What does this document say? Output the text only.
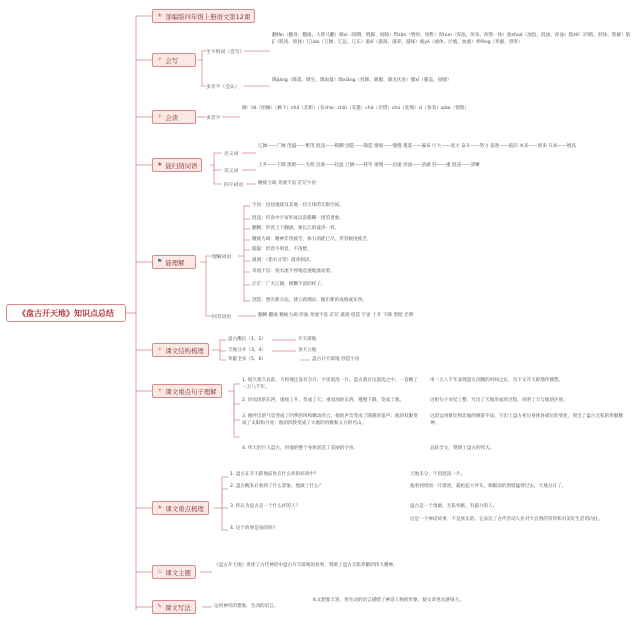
《盘古开天地》知识点总结
★ 部编版四年级上册语文第12课
☀ 会写
☀ 会读
★ 能归纳词语
⚑ 能理解
☀ 课文结构梳理
☀ 课文重点句子理解
★ 课文重点梳理
♨ 课文主题
✎ 课文写法
生字组词（会写）
翻fān（翻身、翻滚、人仰马翻）隙xì（隙缝、缝隙、间隙）暂zàn（暂时、短暂）浑hún（浑浊、浑身、浑然一体）浊zhuó（浊浪、混浊、浑浊）肢zhī（四肢、肢体、肢解）肌jī（肌肉、肌体）辽liáo（辽阔、辽远、辽东）滋zī（滋润、滋养、滋味）液yè（液体、汁液、血液）奉fèng（奉献、供奉）
多音字（会认）
降jiàng（降落、降生、降雨量）降xiáng（投降、降服、降龙伏虎）膝xī（膝盖、屈膝）
多音字
俩：liǎ（咱俩）（俩下）chā（差距）（差chà）chāi（差遣）chā（差错）chǔ（处理）cī（参差）qiǎo（悄然）
近义词
辽阔——广阔 茂盛——繁茂 混沌——模糊 创造——制造 缓缓——慢慢 蔓延——遍布 巨大——庞大 奋斗——努力 依然——依旧 本来——原来 升高——增高
反义词
上升——下降 黑暗——光明 沉重——轻盈 辽阔——狭窄 缓慢——迅速 浑浊——清澈 轻——重 混沌——清晰
四字词语	精疲力竭 奔流不息 茫茫宇宙
理解词语
宇宙：包括地球及其他一切天体的无限空间。
混沌：传说中宇宙形成以前模糊一团的景象。
翻腾：形容上下翻滚，象长江的波涛一样。
精疲力竭：精神非常疲劳，体力消耗已尽，形容极度疲乏。
隐隐：形容不明显，不清楚。
滋润：（指水分等）滋养润泽。
奔流不息：指水流不停地急速地流动着。
茫茫：广大辽阔，模糊不清的样子。
创造：想出新方法，建立新理论，做出新的成绩或东西。
同音词语	翻腾 翻滚 精疲力竭 浑浊 奔流不息 茫茫 滋润 创造 宇宙 上升 下降 黑暗 光明
盘古醒后（1、2）
天地分开（3、4）
奉献全身（5、6）
开天辟地
顶天立地
盘古开天辟地 创造宇宙
1. 很久很久以前，天和地还没有分开，宇宙混沌一片。盘古就在这混沌之中，一直睡了一万八千年。
用一万八千年表现盘古沉睡的时间之长，为下文开天辟地作铺垫。
2. 轻而清的东西，缓缓上升，变成了天；重而浊的东西，慢慢下降，变成了地。	这组句子对仗工整，写出了天地形成的过程，说明了天与地的区别。
3. 他呼出的气息变成了四季的风和飘动的云；他的声音变成了隆隆的雷声；他的双眼变成了太阳和月亮；他的四肢变成了大地的四极和五方的名山。
这段运用排比和比喻的修辞手法，写出了盘古死后身体各部位的变化，突出了盘古无私的奉献精神。
4. 伟大的巨人盘古，用他的整个身体创造了美丽的宇宙。	总结全文，赞颂了盘古的伟大。
1. 盘古在开天辟地前处在什么样的环境中？	天地未分，宇宙混沌一片。
2. 盘古醒来后看到了什么景象，他做了什么？	他看到周围一片漆黑，就抡起大斧头，朝眼前的黑暗猛劈过去，天地分开了。
3. 你认为盘古是一个什么样的人？	盘古是一个勇敢、无私奉献、有毅力的人。
4. 这个故事是真的吗？
这是一个神话故事，不是真实的。它表达了古代劳动人民对大自然的崇拜和对美好生活的向往。
《盘古开天地》讲述了古代神话中盘古开天辟地的故事，赞颂了盘古无私奉献的伟大精神。
运用神奇的想象，生动的语言。
本文想象丰富，用生动的语言描绘了神话人物的形象，使文章更具感染力。
